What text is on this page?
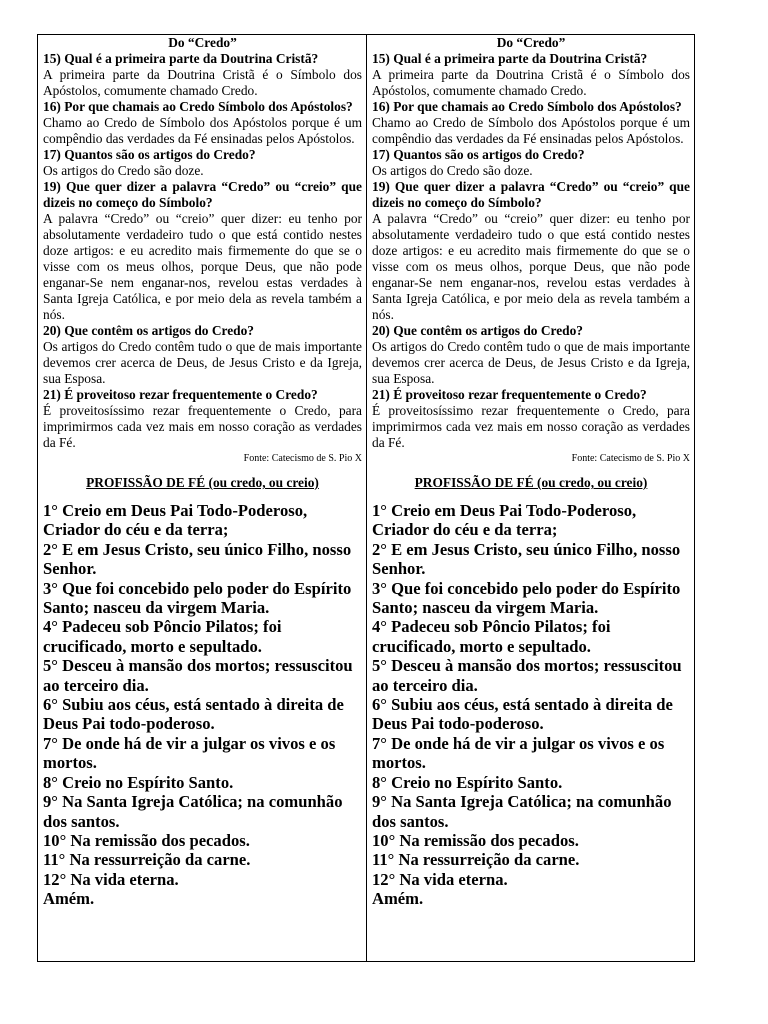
Do “Credo”
15) Qual é a primeira parte da Doutrina Cristã?
A primeira parte da Doutrina Cristã é o Símbolo dos Apóstolos, comumente chamado Credo.
16) Por que chamais ao Credo Símbolo dos Apóstolos?
Chamo ao Credo de Símbolo dos Apóstolos porque é um compêndio das verdades da Fé ensinadas pelos Apóstolos.
17) Quantos são os artigos do Credo?
Os artigos do Credo são doze.
19) Que quer dizer a palavra “Credo” ou “creio” que dizeis no começo do Símbolo?
A palavra “Credo” ou “creio” quer dizer: eu tenho por absolutamente verdadeiro tudo o que está contido nestes doze artigos: e eu acredito mais firmemente do que se o visse com os meus olhos, porque Deus, que não pode enganar-Se nem enganar-nos, revelou estas verdades à Santa Igreja Católica, e por meio dela as revela também a nós.
20) Que contêm os artigos do Credo?
Os artigos do Credo contêm tudo o que de mais importante devemos crer acerca de Deus, de Jesus Cristo e da Igreja, sua Esposa.
21) É proveitoso rezar frequentemente o Credo?
É proveitosíssimo rezar frequentemente o Credo, para imprimirmos cada vez mais em nosso coração as verdades da Fé.
Fonte: Catecismo de S. Pio X
PROFISSÃO DE FÉ (ou credo, ou creio)
1° Creio em Deus Pai Todo-Poderoso, Criador do céu e da terra;
2° E em Jesus Cristo, seu único Filho, nosso Senhor.
3° Que foi concebido pelo poder do Espírito Santo; nasceu da virgem Maria.
4° Padeceu sob Pôncio Pilatos; foi crucificado, morto e sepultado.
5° Desceu à mansão dos mortos; ressuscitou ao terceiro dia.
6° Subiu aos céus, está sentado à direita de Deus Pai todo-poderoso.
7° De onde há de vir a julgar os vivos e os mortos.
8° Creio no Espírito Santo.
9° Na Santa Igreja Católica; na comunhão dos santos.
10° Na remissão dos pecados.
11° Na ressurreição da carne.
12° Na vida eterna.
Amém.
Do “Credo”
15) Qual é a primeira parte da Doutrina Cristã?
A primeira parte da Doutrina Cristã é o Símbolo dos Apóstolos, comumente chamado Credo.
16) Por que chamais ao Credo Símbolo dos Apóstolos?
Chamo ao Credo de Símbolo dos Apóstolos porque é um compêndio das verdades da Fé ensinadas pelos Apóstolos.
17) Quantos são os artigos do Credo?
Os artigos do Credo são doze.
19) Que quer dizer a palavra “Credo” ou “creio” que dizeis no começo do Símbolo?
A palavra “Credo” ou “creio” quer dizer: eu tenho por absolutamente verdadeiro tudo o que está contido nestes doze artigos: e eu acredito mais firmemente do que se o visse com os meus olhos, porque Deus, que não pode enganar-Se nem enganar-nos, revelou estas verdades à Santa Igreja Católica, e por meio dela as revela também a nós.
20) Que contêm os artigos do Credo?
Os artigos do Credo contêm tudo o que de mais importante devemos crer acerca de Deus, de Jesus Cristo e da Igreja, sua Esposa.
21) É proveitoso rezar frequentemente o Credo?
É proveitosíssimo rezar frequentemente o Credo, para imprimirmos cada vez mais em nosso coração as verdades da Fé.
Fonte: Catecismo de S. Pio X
PROFISSÃO DE FÉ (ou credo, ou creio)
1° Creio em Deus Pai Todo-Poderoso, Criador do céu e da terra;
2° E em Jesus Cristo, seu único Filho, nosso Senhor.
3° Que foi concebido pelo poder do Espírito Santo; nasceu da virgem Maria.
4° Padeceu sob Pôncio Pilatos; foi crucificado, morto e sepultado.
5° Desceu à mansão dos mortos; ressuscitou ao terceiro dia.
6° Subiu aos céus, está sentado à direita de Deus Pai todo-poderoso.
7° De onde há de vir a julgar os vivos e os mortos.
8° Creio no Espírito Santo.
9° Na Santa Igreja Católica; na comunhão dos santos.
10° Na remissão dos pecados.
11° Na ressurreição da carne.
12° Na vida eterna.
Amém.
